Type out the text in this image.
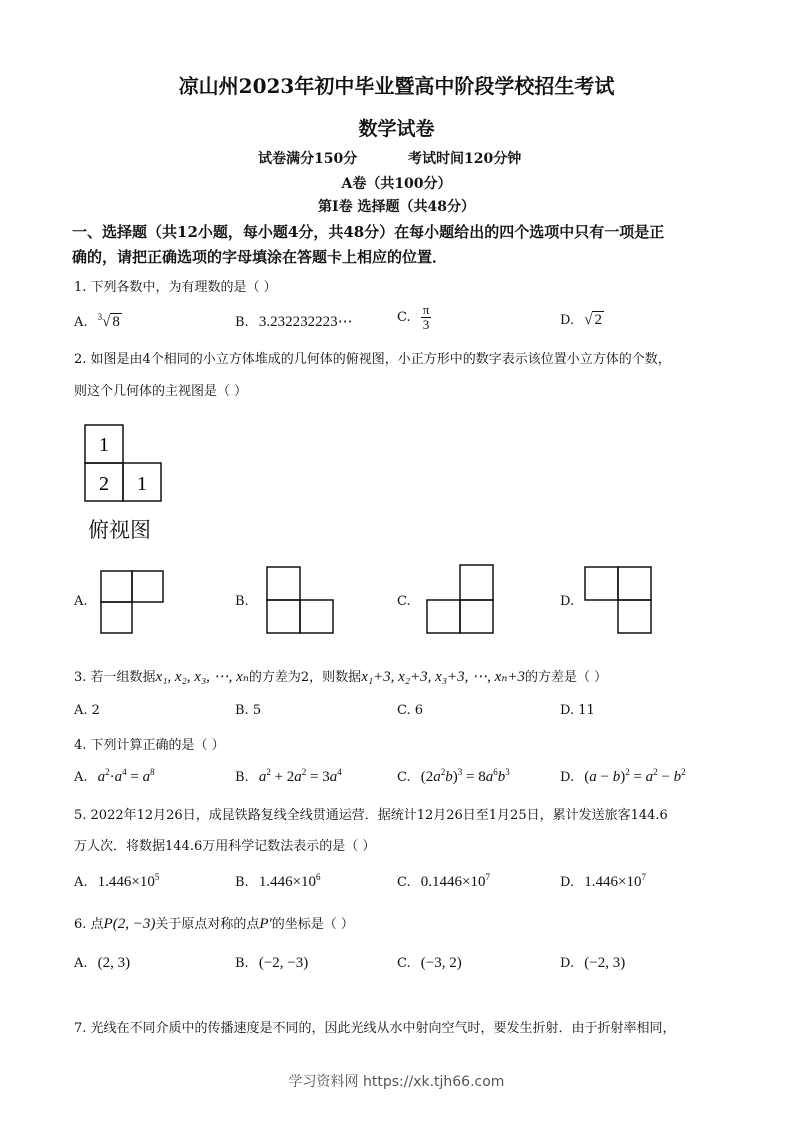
凉山州2023年初中毕业暨高中阶段学校招生考试
数学试卷
试卷满分150分	考试时间120分钟
A卷（共100分）
第Ⅰ卷 选择题（共48分）
一、选择题（共12小题，每小题4分，共48分）在每小题给出的四个选项中只有一项是正
确的，请把正确选项的字母填涂在答题卡上相应的位置．
1. 下列各数中，为有理数的是（ ）
A. $^3$√ 8	B. 3.232232223⋯	C. $\frac{\pi}{3}$	D. √ 2
2. 如图是由4个相同的小立方体堆成的几何体的俯视图，小正方形中的数字表示该位置小立方体的个数，
则这个几何体的主视图是（ ）
1
2 1
俯视图
A.	B.	C.	D.
3. 若一组数据x₁, x₂, x₃, ⋯, xₙ的方差为2，则数据x₁+3, x₂+3, x₃+3, ⋯, xₙ+3的方差是（ ）
A. 2	B. 5	C. 6	D. 11
4. 下列计算正确的是（ ）
A. $a^2\cdot a^4 = a^8$	B. $a^2 + 2a^2 = 3a^4$	C. $(2a^2b)^3 = 8a^6b^3$	D. $(a - b)^2 = a^2 - b^2$
5. 2022年12月26日，成昆铁路复线全线贯通运营．据统计12月26日至1月25日，累计发送旅客144.6
万人次．将数据144.6万用科学记数法表示的是（ ）
A. $1.446\times 10^5$	B. $1.446\times 10^6$	C. $0.1446\times 10^7$	D. $1.446\times 10^7$
6. 点P(2, −3)关于原点对称的点P′的坐标是（ ）
A. (2, 3)	B. (−2, −3)	C. (−3, 2)	D. (−2, 3)
7. 光线在不同介质中的传播速度是不同的，因此光线从水中射向空气时，要发生折射．由于折射率相同，
学习资料网 https://xk.tjh66.com
